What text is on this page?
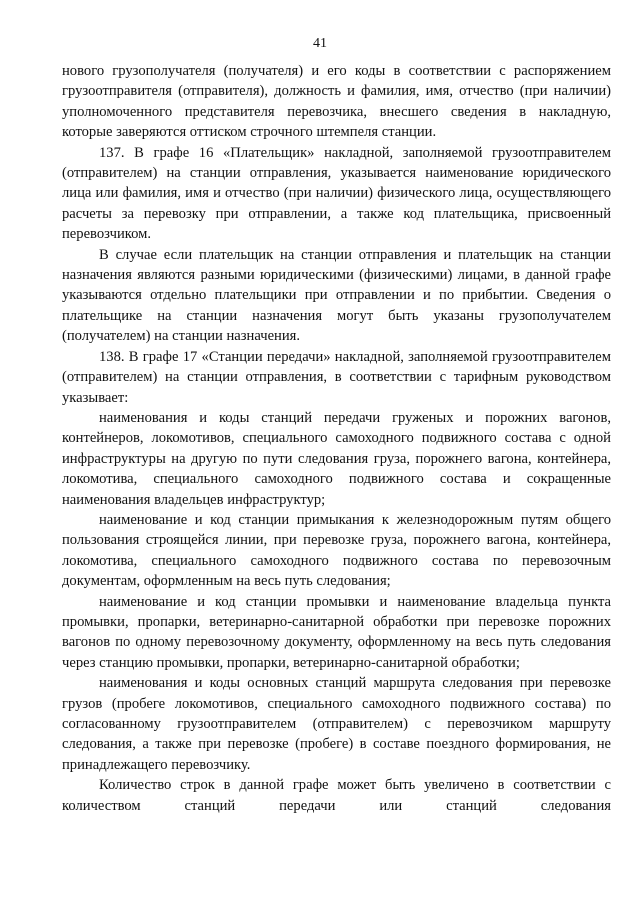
41

нового грузополучателя (получателя) и его коды в соответствии с распоряжением грузоотправителя (отправителя), должность и фамилия, имя, отчество (при наличии) уполномоченного представителя перевозчика, внесшего сведения в накладную, которые заверяются оттиском строчного штемпеля станции.

137. В графе 16 «Плательщик» накладной, заполняемой грузоотправителем (отправителем) на станции отправления, указывается наименование юридического лица или фамилия, имя и отчество (при наличии) физического лица, осуществляющего расчеты за перевозку при отправлении, а также код плательщика, присвоенный перевозчиком.

В случае если плательщик на станции отправления и плательщик на станции назначения являются разными юридическими (физическими) лицами, в данной графе указываются отдельно плательщики при отправлении и по прибытии. Сведения о плательщике на станции назначения могут быть указаны грузополучателем (получателем) на станции назначения.

138. В графе 17 «Станции передачи» накладной, заполняемой грузоотправителем (отправителем) на станции отправления, в соответствии с тарифным руководством указывает:

наименования и коды станций передачи груженых и порожних вагонов, контейнеров, локомотивов, специального самоходного подвижного состава с одной инфраструктуры на другую по пути следования груза, порожнего вагона, контейнера, локомотива, специального самоходного подвижного состава и сокращенные наименования владельцев инфраструктур;

наименование и код станции примыкания к железнодорожным путям общего пользования строящейся линии, при перевозке груза, порожнего вагона, контейнера, локомотива, специального самоходного подвижного состава по перевозочным документам, оформленным на весь путь следования;

наименование и код станции промывки и наименование владельца пункта промывки, пропарки, ветеринарно-санитарной обработки при перевозке порожних вагонов по одному перевозочному документу, оформленному на весь путь следования через станцию промывки, пропарки, ветеринарно-санитарной обработки;

наименования и коды основных станций маршрута следования при перевозке грузов (пробеге локомотивов, специального самоходного подвижного состава) по согласованному грузоотправителем (отправителем) с перевозчиком маршруту следования, а также при перевозке (пробеге) в составе поездного формирования, не принадлежащего перевозчику.

Количество строк в данной графе может быть увеличено в соответствии с количеством станций передачи или станций следования
